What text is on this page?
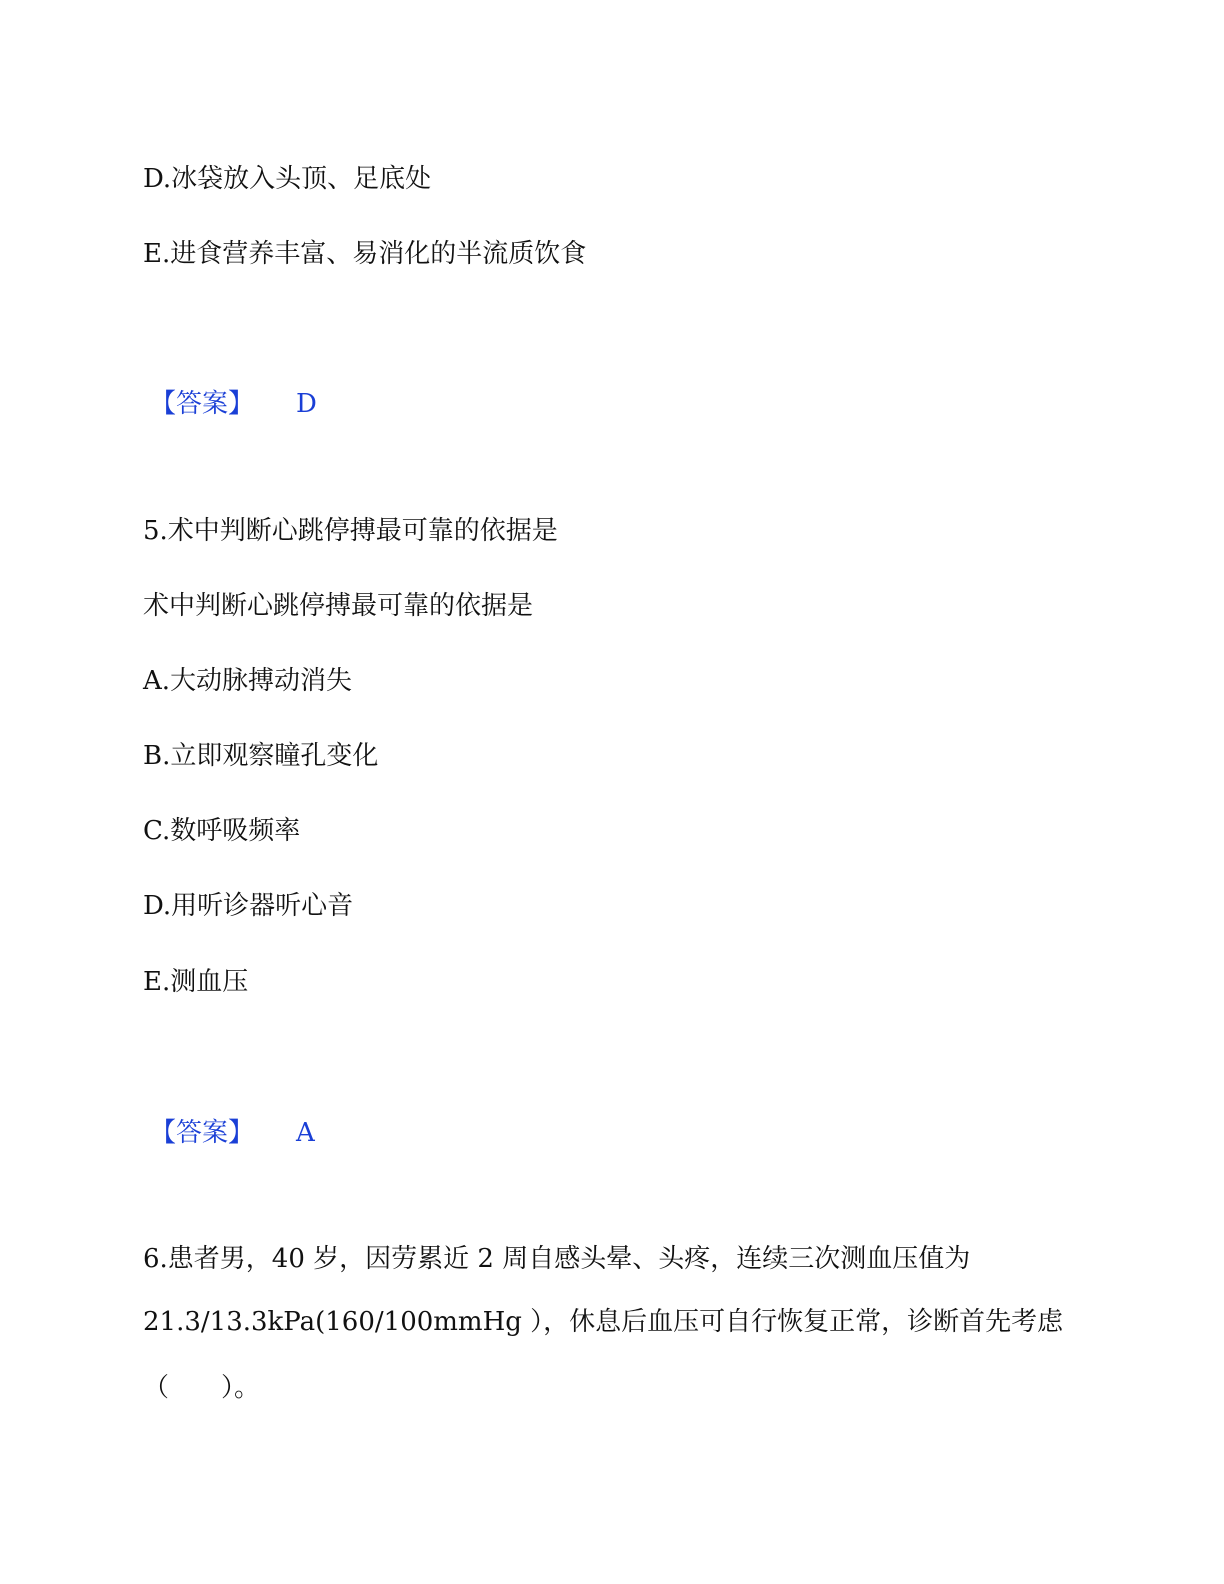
D.冰袋放入头顶、足底处
E.进食营养丰富、易消化的半流质饮食
【答案】 D
5.术中判断心跳停搏最可靠的依据是
术中判断心跳停搏最可靠的依据是
A.大动脉搏动消失
B.立即观察瞳孔变化
C.数呼吸频率
D.用听诊器听心音
E.测血压
【答案】 A
6.患者男，40 岁，因劳累近 2 周自感头晕、头疼，连续三次测血压值为
21.3/13.3kPa(160/100mmHg ），休息后血压可自行恢复正常，诊断首先考虑
（　　）。
